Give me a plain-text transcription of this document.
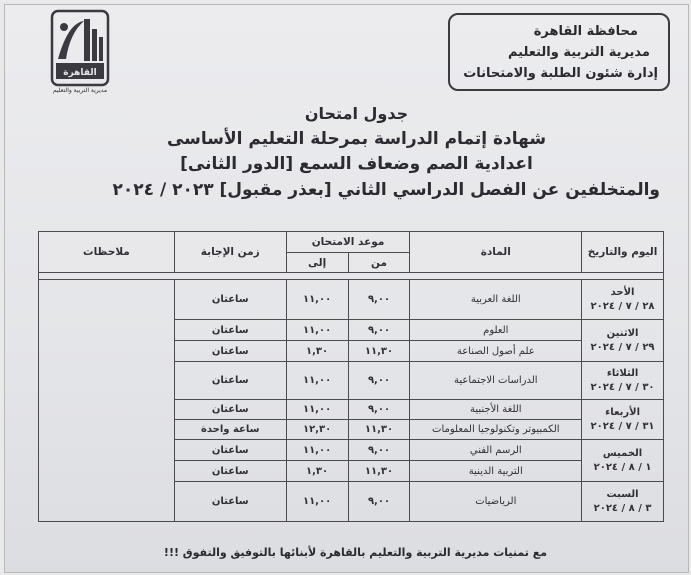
محافظة القاهرة
مديرية التربية والتعليم
إدارة شئون الطلبة والامتحانات
القاهرة
مديرية التربية والتعليم
جدول امتحان
شهادة إتمام الدراسة بمرحلة التعليم الأساسى
اعدادية الصم وضعاف السمع [الدور الثانى]
والمتخلفين عن الفصل الدراسي الثاني [بعذر مقبول] ٢٠٢٣ / ٢٠٢٤
اليوم والتاريخ	المادة	موعد الامتحان		زمن الإجابة	ملاحظات
		من	إلى		

الأحد
٢٨ / ٧ / ٢٠٢٤	اللغة العربية	٩,٠٠	١١,٠٠	ساعتان	

الاثنين
٢٩ / ٧ / ٢٠٢٤	العلوم	٩,٠٠	١١,٠٠	ساعتان	
	علم أصول الصناعة	١١,٣٠	١,٣٠	ساعتان	

الثلاثاء
٣٠ / ٧ / ٢٠٢٤	الدراسات الاجتماعية	٩,٠٠	١١,٠٠	ساعتان	

الأربعاء
٣١ / ٧ / ٢٠٢٤	اللغة الأجنبية	٩,٠٠	١١,٠٠	ساعتان	
	الكمبيوتر وتكنولوجيا المعلومات	١١,٣٠	١٢,٣٠	ساعة واحدة	

الخميس
١ / ٨ / ٢٠٢٤	الرسم الفني	٩,٠٠	١١,٠٠	ساعتان	
	التربية الدينية	١١,٣٠	١,٣٠	ساعتان	

السبت
٣ / ٨ / ٢٠٢٤	الرياضيات	٩,٠٠	١١,٠٠	ساعتان	
مع تمنيات مديرية التربية والتعليم بالقاهرة لأبنائها بالتوفيق والتفوق !!!
